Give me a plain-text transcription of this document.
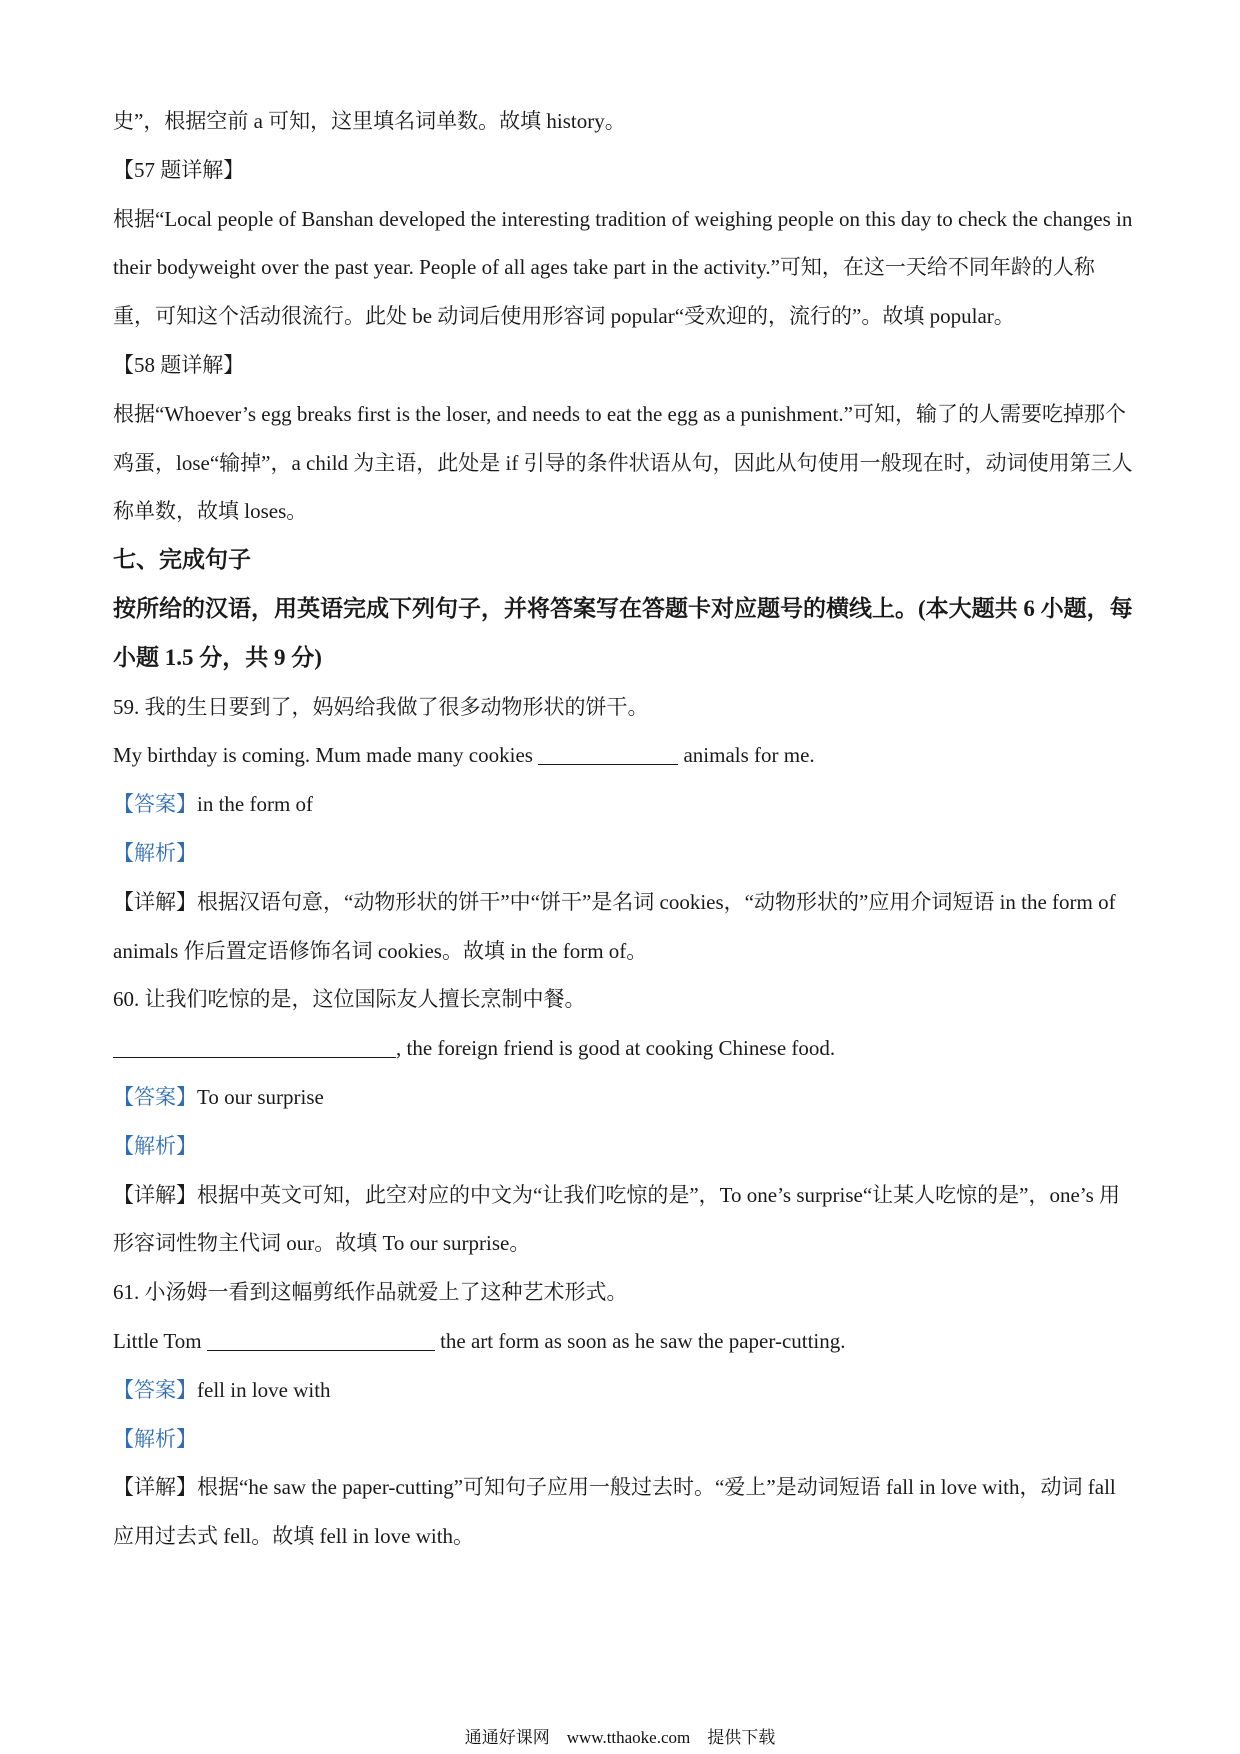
史”，根据空前 a 可知，这里填名词单数。故填 history。

【57 题详解】

根据“Local people of Banshan developed the interesting tradition of weighing people on this day to check the changes in their bodyweight over the past year. People of all ages take part in the activity.”可知，在这一天给不同年龄的人称重，可知这个活动很流行。此处 be 动词后使用形容词 popular“受欢迎的，流行的”。故填 popular。

【58 题详解】

根据“Whoever’s egg breaks first is the loser, and needs to eat the egg as a punishment.”可知，输了的人需要吃掉那个鸡蛋，lose“输掉”，a child 为主语，此处是 if 引导的条件状语从句，因此从句使用一般现在时，动词使用第三人称单数，故填 loses。

七、完成句子

按所给的汉语，用英语完成下列句子，并将答案写在答题卡对应题号的横线上。(本大题共 6 小题，每小题 1.5 分，共 9 分)

59. 我的生日要到了，妈妈给我做了很多动物形状的饼干。

My birthday is coming. Mum made many cookies	animals for me.

【答案】in the form of

【解析】

【详解】根据汉语句意，“动物形状的饼干”中“饼干”是名词 cookies，“动物形状的”应用介词短语 in the form of animals 作后置定语修饰名词 cookies。故填 in the form of。

60. 让我们吃惊的是，这位国际友人擅长烹制中餐。

, the foreign friend is good at cooking Chinese food.

【答案】To our surprise

【解析】

【详解】根据中英文可知，此空对应的中文为“让我们吃惊的是”，To one’s surprise“让某人吃惊的是”，one’s 用形容词性物主代词 our。故填 To our surprise。

61. 小汤姆一看到这幅剪纸作品就爱上了这种艺术形式。

Little Tom	the art form as soon as he saw the paper-cutting.

【答案】fell in love with

【解析】

【详解】根据“he saw the paper-cutting”可知句子应用一般过去时。“爱上”是动词短语 fall in love with，动词 fall 应用过去式 fell。故填 fell in love with。

通通好课网　www.tthaoke.com　提供下载
